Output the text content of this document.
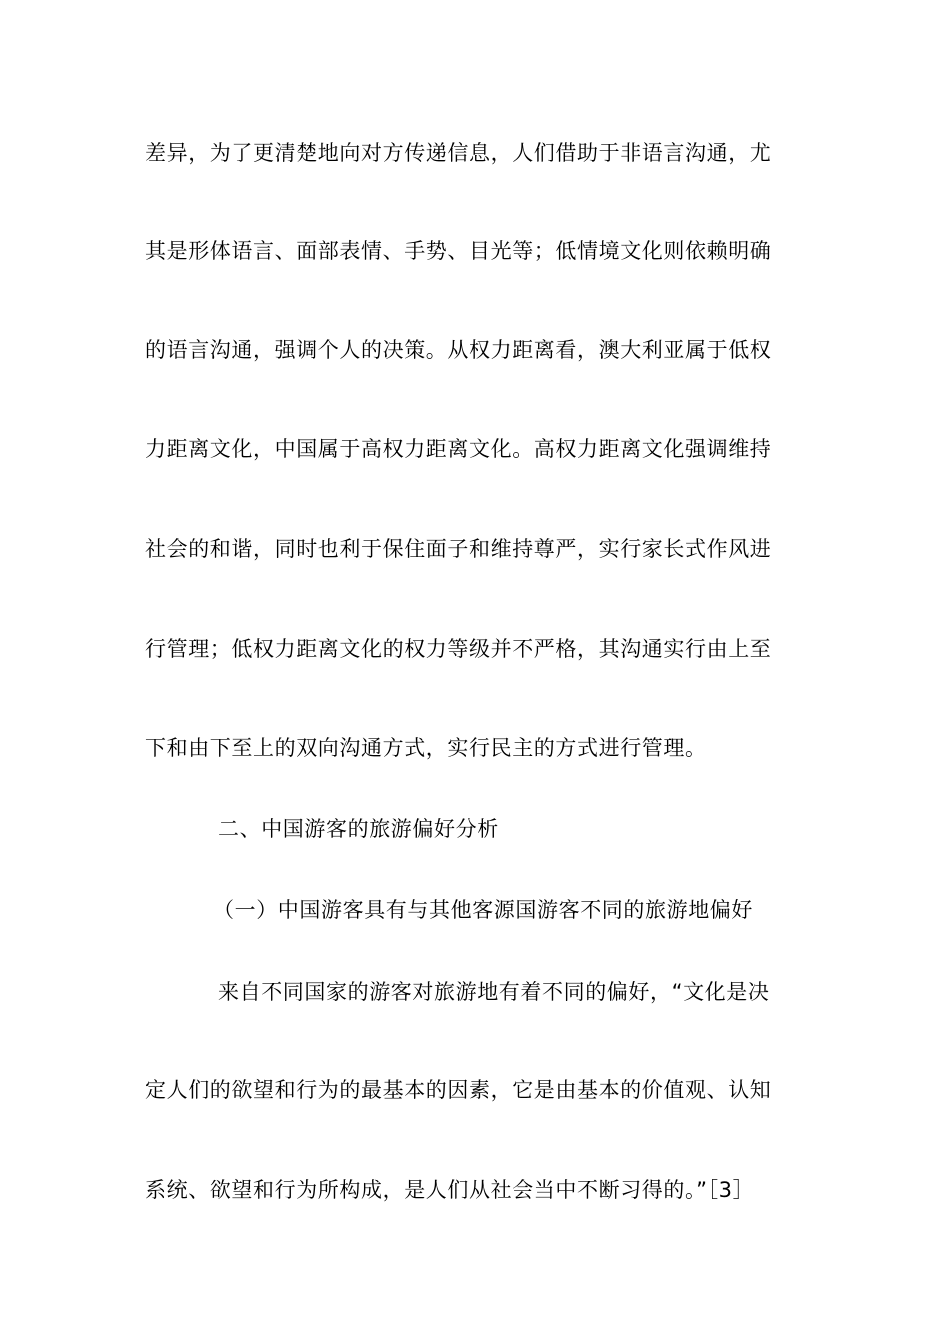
差异，为了更清楚地向对方传递信息，人们借助于非语言沟通，尤
其是形体语言、面部表情、手势、目光等；低情境文化则依赖明确
的语言沟通，强调个人的决策。从权力距离看，澳大利亚属于低权
力距离文化，中国属于高权力距离文化。高权力距离文化强调维持
社会的和谐，同时也利于保住面子和维持尊严，实行家长式作风进
行管理；低权力距离文化的权力等级并不严格，其沟通实行由上至
下和由下至上的双向沟通方式，实行民主的方式进行管理。
二、中国游客的旅游偏好分析
（一）中国游客具有与其他客源国游客不同的旅游地偏好
来自不同国家的游客对旅游地有着不同的偏好，“文化是决
定人们的欲望和行为的最基本的因素，它是由基本的价值观、认知
系统、欲望和行为所构成，是人们从社会当中不断习得的。”［3］
